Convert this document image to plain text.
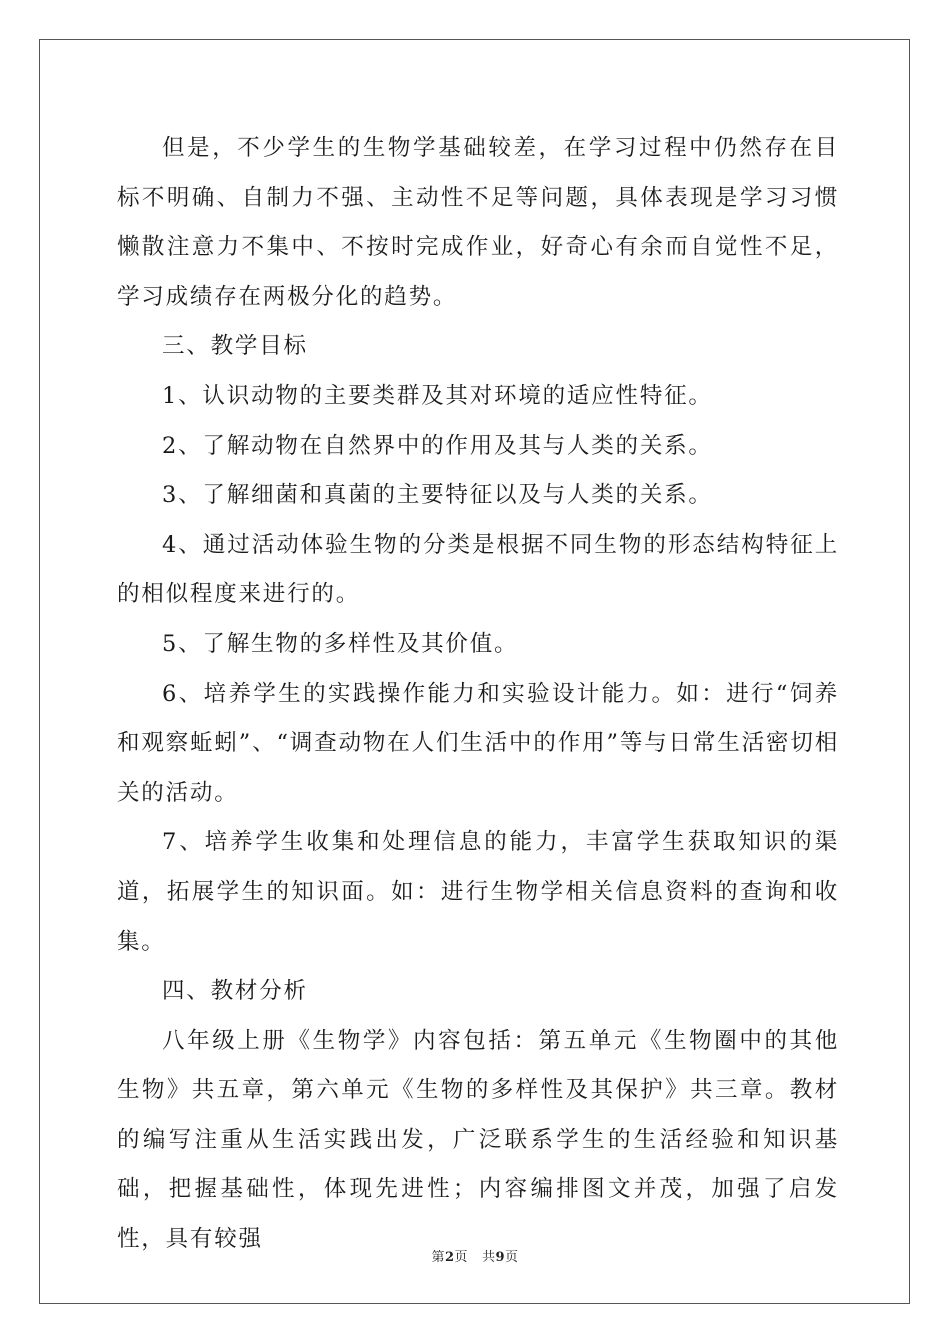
但是，不少学生的生物学基础较差，在学习过程中仍然存在目标不明确、自制力不强、主动性不足等问题，具体表现是学习习惯懒散注意力不集中、不按时完成作业，好奇心有余而自觉性不足，学习成绩存在两极分化的趋势。

三、教学目标

1、认识动物的主要类群及其对环境的适应性特征。

2、了解动物在自然界中的作用及其与人类的关系。

3、了解细菌和真菌的主要特征以及与人类的关系。

4、通过活动体验生物的分类是根据不同生物的形态结构特征上的相似程度来进行的。

5、了解生物的多样性及其价值。

6、培养学生的实践操作能力和实验设计能力。如：进行“饲养和观察蚯蚓”、“调查动物在人们生活中的作用”等与日常生活密切相关的活动。

7、培养学生收集和处理信息的能力，丰富学生获取知识的渠道，拓展学生的知识面。如：进行生物学相关信息资料的查询和收集。

四、教材分析

八年级上册《生物学》内容包括：第五单元《生物圈中的其他生物》共五章，第六单元《生物的多样性及其保护》共三章。教材的编写注重从生活实践出发，广泛联系学生的生活经验和知识基础，把握基础性，体现先进性；内容编排图文并茂，加强了启发性，具有较强

第2页 共9页
